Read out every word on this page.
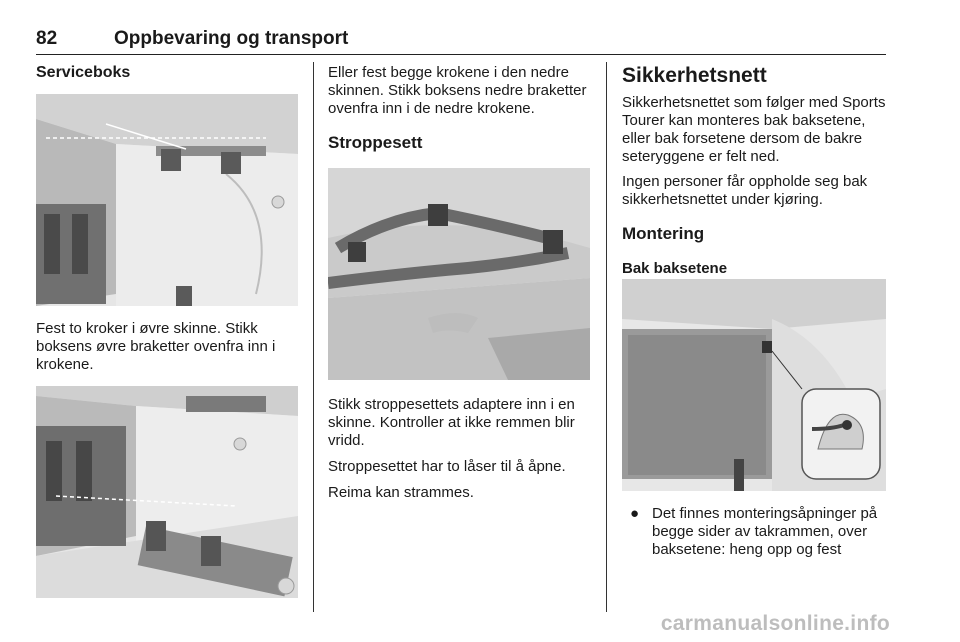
82	Oppbevaring og transport
Serviceboks

Fest to kroker i øvre skinne. Stikk boksens øvre braketter ovenfra inn i krokene.

Eller fest begge krokene i den nedre skinnen. Stikk boksens nedre braketter ovenfra inn i de nedre krokene.

Stroppesett

Stikk stroppesettets adaptere inn i en skinne. Kontroller at ikke remmen blir vridd.

Stroppesettet har to låser til å åpne.

Reima kan strammes.

Sikkerhetsnett

Sikkerhetsnettet som følger med Sports Tourer kan monteres bak baksetene, eller bak forsetene dersom de bakre seteryggene er felt ned.

Ingen personer får oppholde seg bak sikkerhetsnettet under kjøring.

Montering
Bak baksetene
● Det finnes monteringsåpninger på begge sider av takrammen, over baksetene: heng opp og fest
carmanualsonline.info
